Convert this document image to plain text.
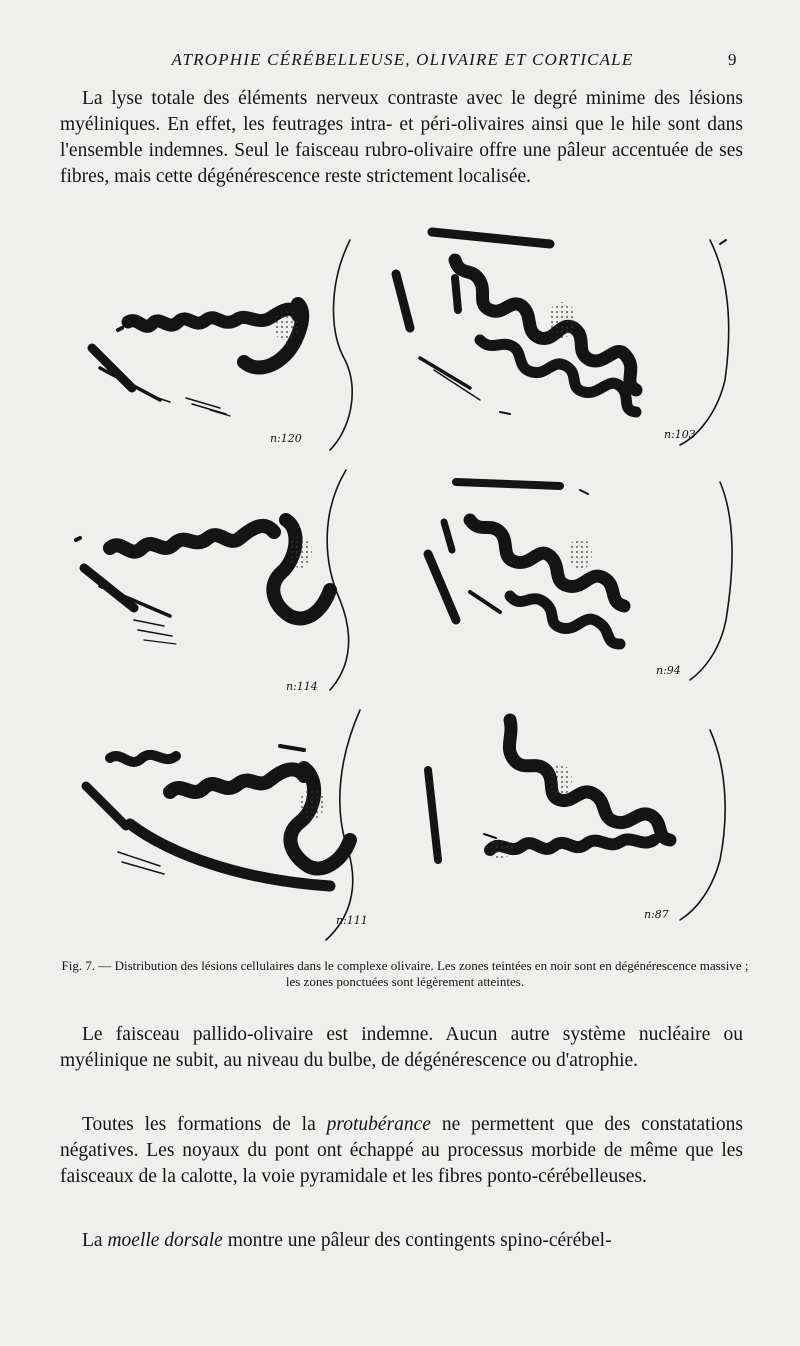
ATROPHIE CÉRÉBELLEUSE, OLIVAIRE ET CORTICALE	9

La lyse totale des éléments nerveux contraste avec le degré minime des lésions myéliniques. En effet, les feutrages intra- et péri-olivaires ainsi que le hile sont dans l'ensemble indemnes. Seul le faisceau rubro-olivaire offre une pâleur accentuée de ses fibres, mais cette dégénérescence reste strictement localisée.

n:120	n:103
n:114
n:94
n:111	n:87
Fig. 7. — Distribution des lésions cellulaires dans le complexe olivaire. Les zones teintées en noir sont en dégénérescence massive ; les zones ponctuées sont légèrement atteintes.

Le faisceau pallido-olivaire est indemne. Aucun autre système nucléaire ou myélinique ne subit, au niveau du bulbe, de dégénérescence ou d'atrophie.

Toutes les formations de la protubérance ne permettent que des constatations négatives. Les noyaux du pont ont échappé au processus morbide de même que les faisceaux de la calotte, la voie pyramidale et les fibres ponto-cérébelleuses.

La moelle dorsale montre une pâleur des contingents spino-cérébel-
